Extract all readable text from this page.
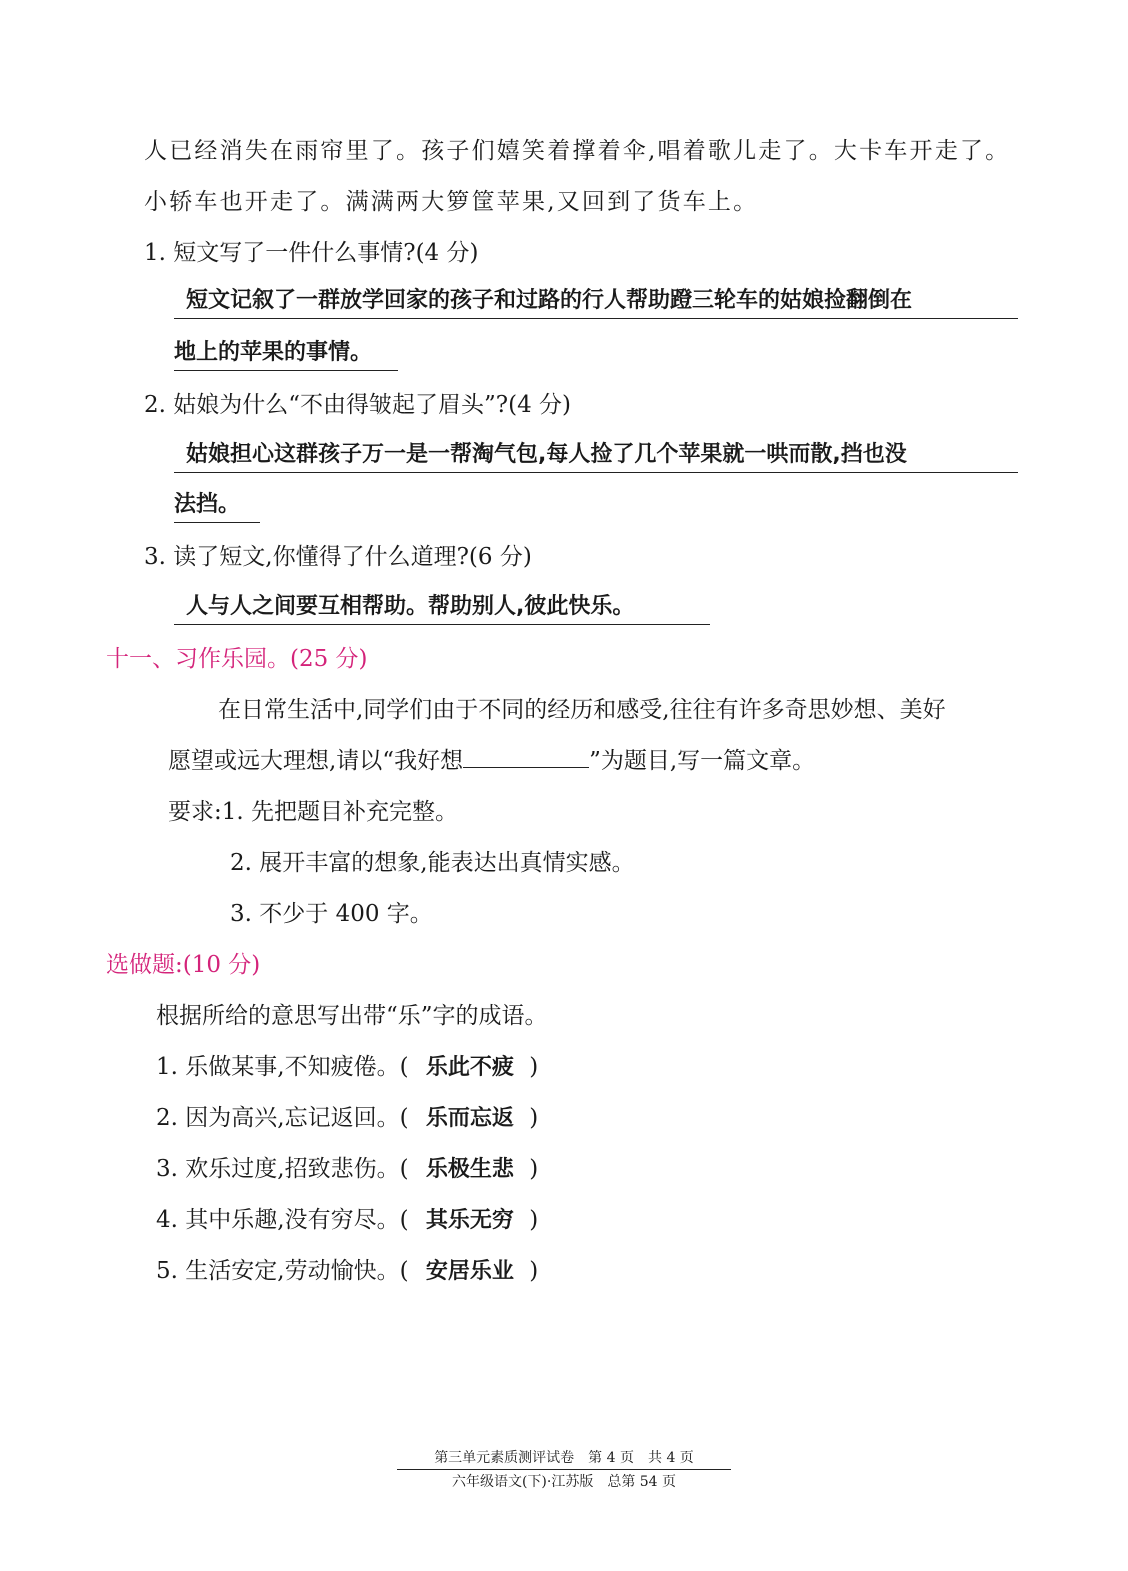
人已经消失在雨帘里了。孩子们嬉笑着撑着伞,唱着歌儿走了。大卡车开走了。
小轿车也开走了。满满两大箩筐苹果,又回到了货车上。
1. 短文写了一件什么事情?(4 分)
短文记叙了一群放学回家的孩子和过路的行人帮助蹬三轮车的姑娘捡翻倒在
地上的苹果的事情。
2. 姑娘为什么“不由得皱起了眉头”?(4 分)
姑娘担心这群孩子万一是一帮淘气包,每人捡了几个苹果就一哄而散,挡也没
法挡。
3. 读了短文,你懂得了什么道理?(6 分)
人与人之间要互相帮助。帮助别人,彼此快乐。
十一、习作乐园。(25 分)
在日常生活中,同学们由于不同的经历和感受,往往有许多奇思妙想、美好
愿望或远大理想,请以“我好想	”为题目,写一篇文章。
要求:1. 先把题目补充完整。
2. 展开丰富的想象,能表达出真情实感。
3. 不少于 400 字。
选做题:(10 分)
根据所给的意思写出带“乐”字的成语。
1. 乐做某事,不知疲倦。( 乐此不疲 )
2. 因为高兴,忘记返回。( 乐而忘返 )
3. 欢乐过度,招致悲伤。( 乐极生悲 )
4. 其中乐趣,没有穷尽。( 其乐无穷 )
5. 生活安定,劳动愉快。( 安居乐业 )
第三单元素质测评试卷　第 4 页　共 4 页
六年级语文(下)·江苏版　总第 54 页
